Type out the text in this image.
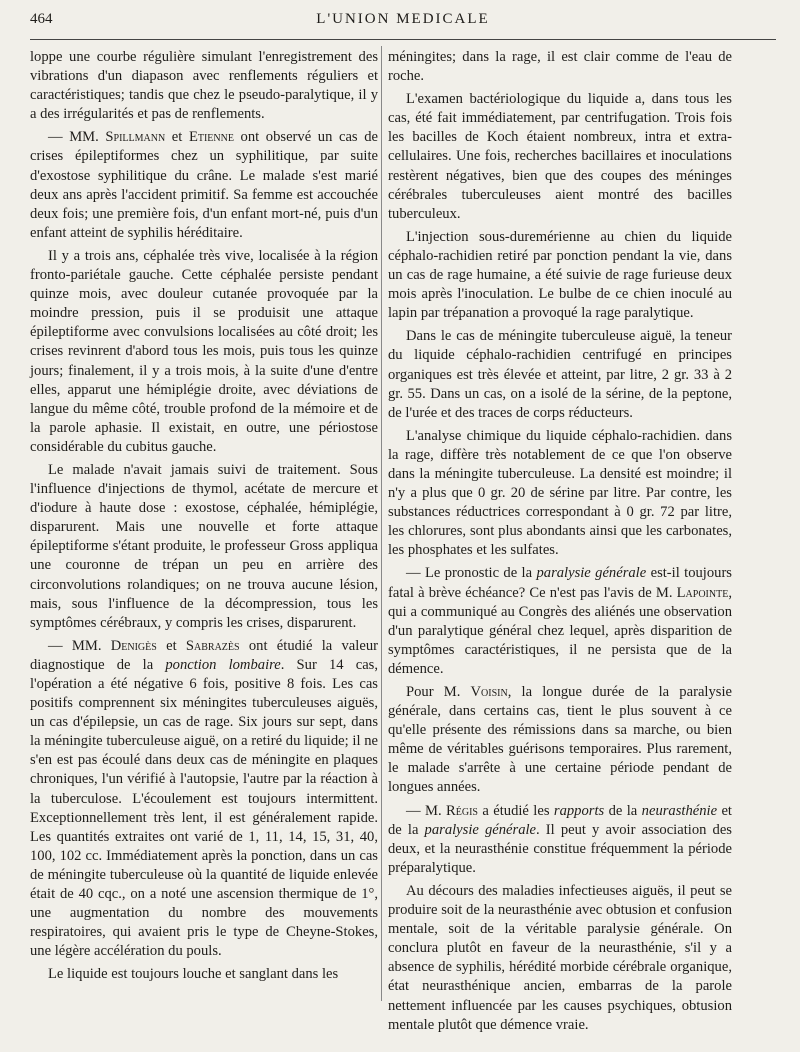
464	L'UNION MEDICALE

loppe une courbe régulière simulant l'enregistrement des vibrations d'un diapason avec renflements réguliers et caractéristiques; tandis que chez le pseudo-paralytique, il y a des irrégularités et pas de renflements.

— MM. Spillmann et Etienne ont observé un cas de crises épileptiformes chez un syphilitique, par suite d'exostose syphilitique du crâne. Le malade s'est marié deux ans après l'accident primitif. Sa femme est accouchée deux fois; une première fois, d'un enfant mort-né, puis d'un enfant atteint de syphilis héréditaire.

Il y a trois ans, céphalée très vive, localisée à la région fronto-pariétale gauche. Cette céphalée persiste pendant quinze mois, avec douleur cutanée provoquée par la moindre pression, puis il se produisit une attaque épileptiforme avec convulsions localisées au côté droit; les crises revinrent d'abord tous les mois, puis tous les quinze jours; finalement, il y a trois mois, à la suite d'une d'entre elles, apparut une hémiplégie droite, avec déviations de langue du même côté, trouble profond de la mémoire et de la parole aphasie. Il existait, en outre, une périostose considérable du cubitus gauche.

Le malade n'avait jamais suivi de traitement. Sous l'influence d'injections de thymol, acétate de mercure et d'iodure à haute dose : exostose, céphalée, hémiplégie, disparurent. Mais une nouvelle et forte attaque épileptiforme s'étant produite, le professeur Gross appliqua une couronne de trépan un peu en arrière des circonvolutions rolandiques; on ne trouva aucune lésion, mais, sous l'influence de la décompression, tous les symptômes cérébraux, y compris les crises, disparurent.

— MM. Denigès et Sabrazès ont étudié la valeur diagnostique de la ponction lombaire. Sur 14 cas, l'opération a été négative 6 fois, positive 8 fois. Les cas positifs comprennent six méningites tuberculeuses aiguës, un cas d'épilepsie, un cas de rage. Six jours sur sept, dans la méningite tuberculeuse aiguë, on a retiré du liquide; il ne s'en est pas écoulé dans deux cas de méningite en plaques chroniques, l'un vérifié à l'autopsie, l'autre par la réaction à la tuberculose. L'écoulement est toujours intermittent. Exceptionnellement très lent, il est généralement rapide. Les quantités extraites ont varié de 1, 11, 14, 15, 31, 40, 100, 102 cc. Immédiatement après la ponction, dans un cas de méningite tuberculeuse où la quantité de liquide enlevée était de 40 cqc., on a noté une ascension thermique de 1°, une augmentation du nombre des mouvements respiratoires, qui avaient pris le type de Cheyne-Stokes, une légère accélération du pouls.

Le liquide est toujours louche et sanglant dans les

méningites; dans la rage, il est clair comme de l'eau de roche.

L'examen bactériologique du liquide a, dans tous les cas, été fait immédiatement, par centrifugation. Trois fois les bacilles de Koch étaient nombreux, intra et extra-cellulaires. Une fois, recherches bacillaires et inoculations restèrent négatives, bien que des coupes des méninges cérébrales tuberculeuses aient montré des bacilles tuberculeux.

L'injection sous-duremérienne au chien du liquide céphalo-rachidien retiré par ponction pendant la vie, dans un cas de rage humaine, a été suivie de rage furieuse deux mois après l'inoculation. Le bulbe de ce chien inoculé au lapin par trépanation a provoqué la rage paralytique.

Dans le cas de méningite tuberculeuse aiguë, la teneur du liquide céphalo-rachidien centrifugé en principes organiques est très élevée et atteint, par litre, 2 gr. 33 à 2 gr. 55. Dans un cas, on a isolé de la sérine, de la peptone, de l'urée et des traces de corps réducteurs.

L'analyse chimique du liquide céphalo-rachidien. dans la rage, diffère très notablement de ce que l'on observe dans la méningite tuberculeuse. La densité est moindre; il n'y a plus que 0 gr. 20 de sérine par litre. Par contre, les substances réductrices correspondant à 0 gr. 72 par litre, les chlorures, sont plus abondants ainsi que les carbonates, les phosphates et les sulfates.

— Le pronostic de la paralysie générale est-il toujours fatal à brève échéance? Ce n'est pas l'avis de M. Lapointe, qui a communiqué au Congrès des aliénés une observation d'un paralytique général chez lequel, après disparition de symptômes caractéristiques, il ne persista que de la démence.

Pour M. Voisin, la longue durée de la paralysie générale, dans certains cas, tient le plus souvent à ce qu'elle présente des rémissions dans sa marche, ou bien même de véritables guérisons temporaires. Plus rarement, le malade s'arrête à une certaine période pendant de longues années.

— M. Régis a étudié les rapports de la neurasthénie et de la paralysie générale. Il peut y avoir association des deux, et la neurasthénie constitue fréquemment la période préparalytique.

Au décours des maladies infectieuses aiguës, il peut se produire soit de la neurasthénie avec obtusion et confusion mentale, soit de la véritable paralysie générale. On conclura plutôt en faveur de la neurasthénie, s'il y a absence de syphilis, hérédité morbide cérébrale organique, état neurasthénique ancien, embarras de la parole nettement influencée par les causes psychiques, obtusion mentale plutôt que démence vraie.
